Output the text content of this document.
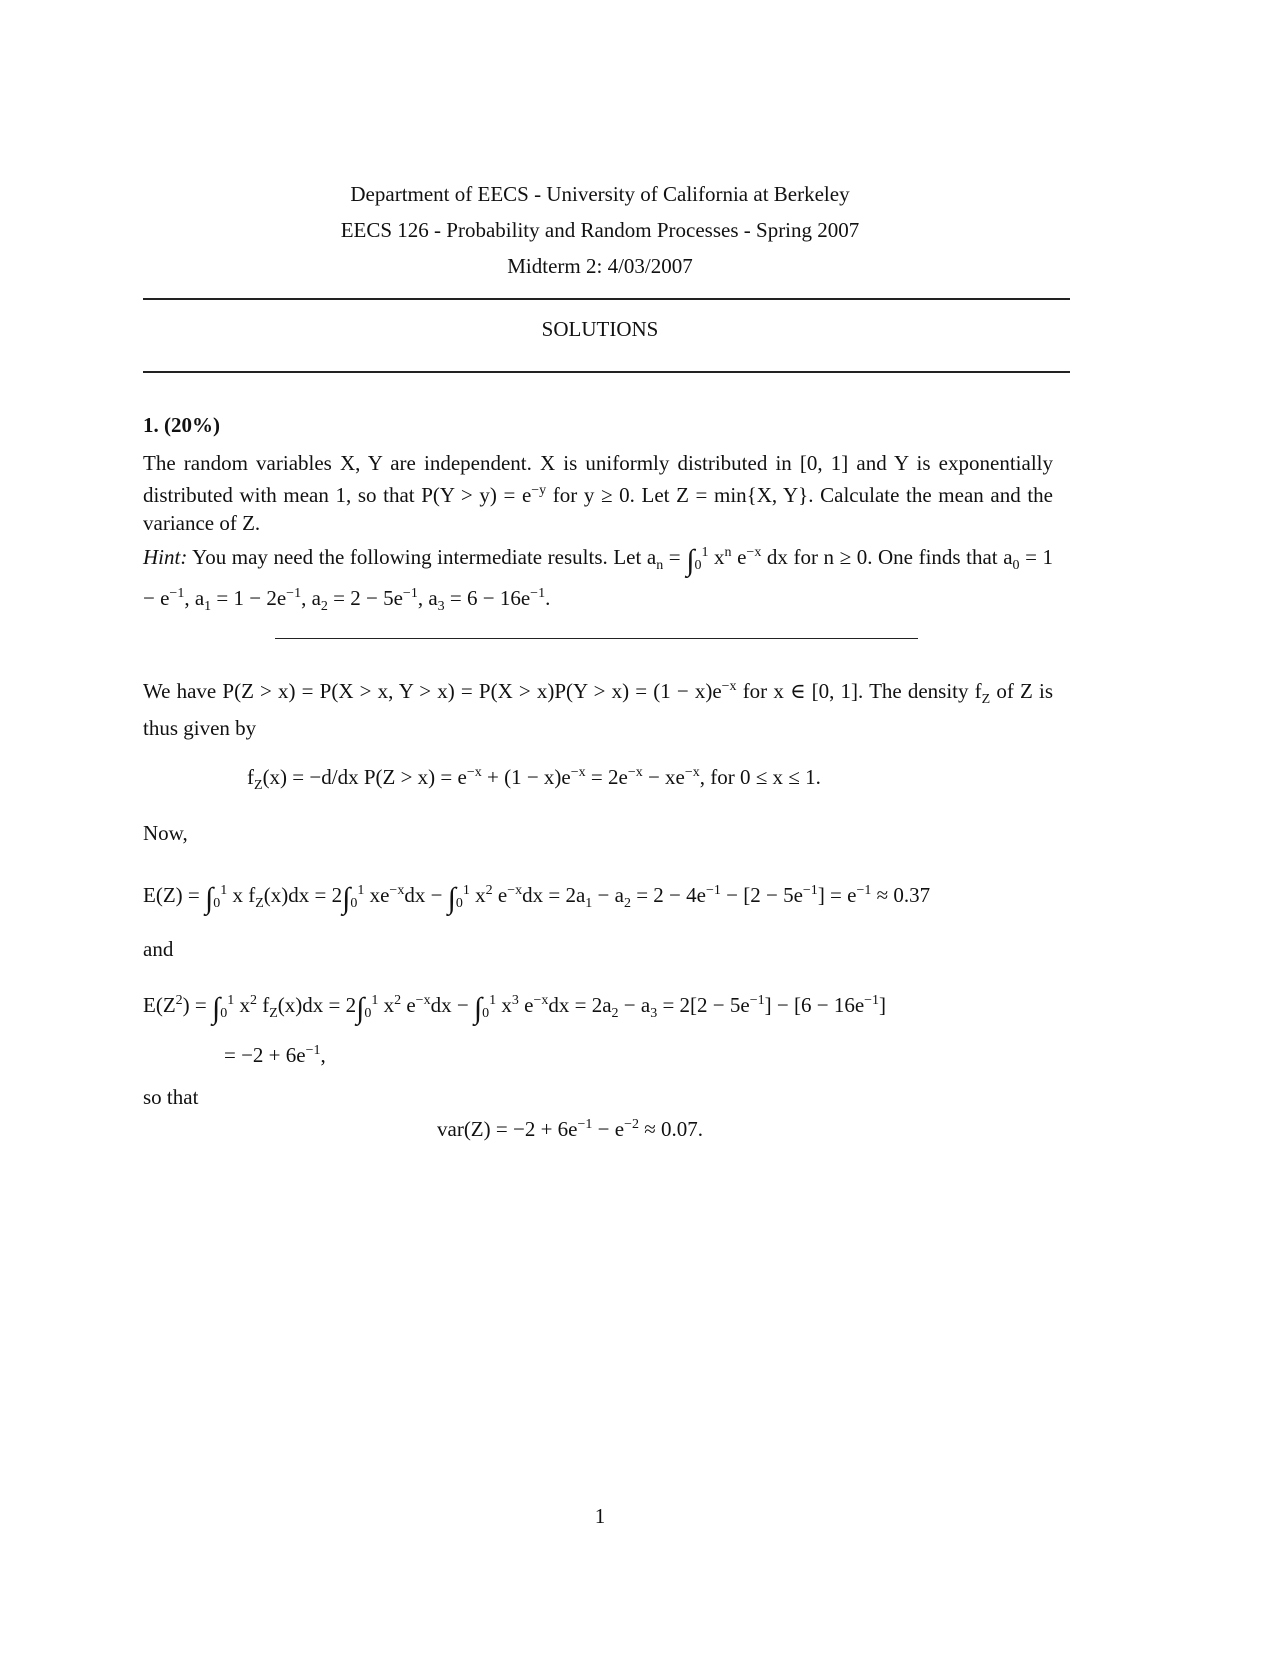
Department of EECS - University of California at Berkeley
EECS 126 - Probability and Random Processes - Spring 2007
Midterm 2: 4/03/2007
SOLUTIONS
1. (20%)
The random variables X, Y are independent. X is uniformly distributed in [0, 1] and Y is exponentially distributed with mean 1, so that $P(Y > y) = e^{-y}$ for y ≥ 0. Let Z = min{X, Y}. Calculate the mean and the variance of Z.
Hint: You may need the following intermediate results. Let $a_n = \int_0^1$ $x^n$ $e^{-x}$ dx for n ≥ 0. One finds that $a_0 = 1 - e^{-1}$, $a_1 = 1 - 2e^{-1}$, $a_2 = 2 - 5e^{-1}$, $a_3 = 6 - 16e^{-1}$.
We have P(Z > x) = P(X > x, $Y > x) = P(X > x)P(Y > x) = (1 - x)e^{-x}$ for x ∈ [0, 1]. The density $f_Z$ of Z is thus given by
$f_Z(x) = -d/dx$ $P(Z > x) = e^{-x} + (1 - x)e^{-x} = 2e^{-x} - xe^{-x}$, for 0 ≤ x ≤ 1.
Now,
$E(Z) = \int_0^1$ x $f_Z(x)dx = 2\int_0^1$ $xe^{-x}dx - \int_0^1$ $x^2$ $e^{-x}dx = 2a_1 - a_2 = 2 - 4e^{-1} - [2 - 5e^{-1}] = e^{-1} \approx 0.37$
and
$E(Z^2) = \int_0^1$ $x^2$ $f_Z(x)dx = 2\int_0^1$ $x^2$ $e^{-x}dx - \int_0^1$ $x^3$ $e^{-x}dx = 2a_2 - a_3 = 2[2 - 5e^{-1}] - [6 - 16e^{-1}]$
= $-2 + 6e^{-1}$,
so that
$var(Z) = -2 + 6e^{-1} - e^{-2} \approx 0.07$.
1
